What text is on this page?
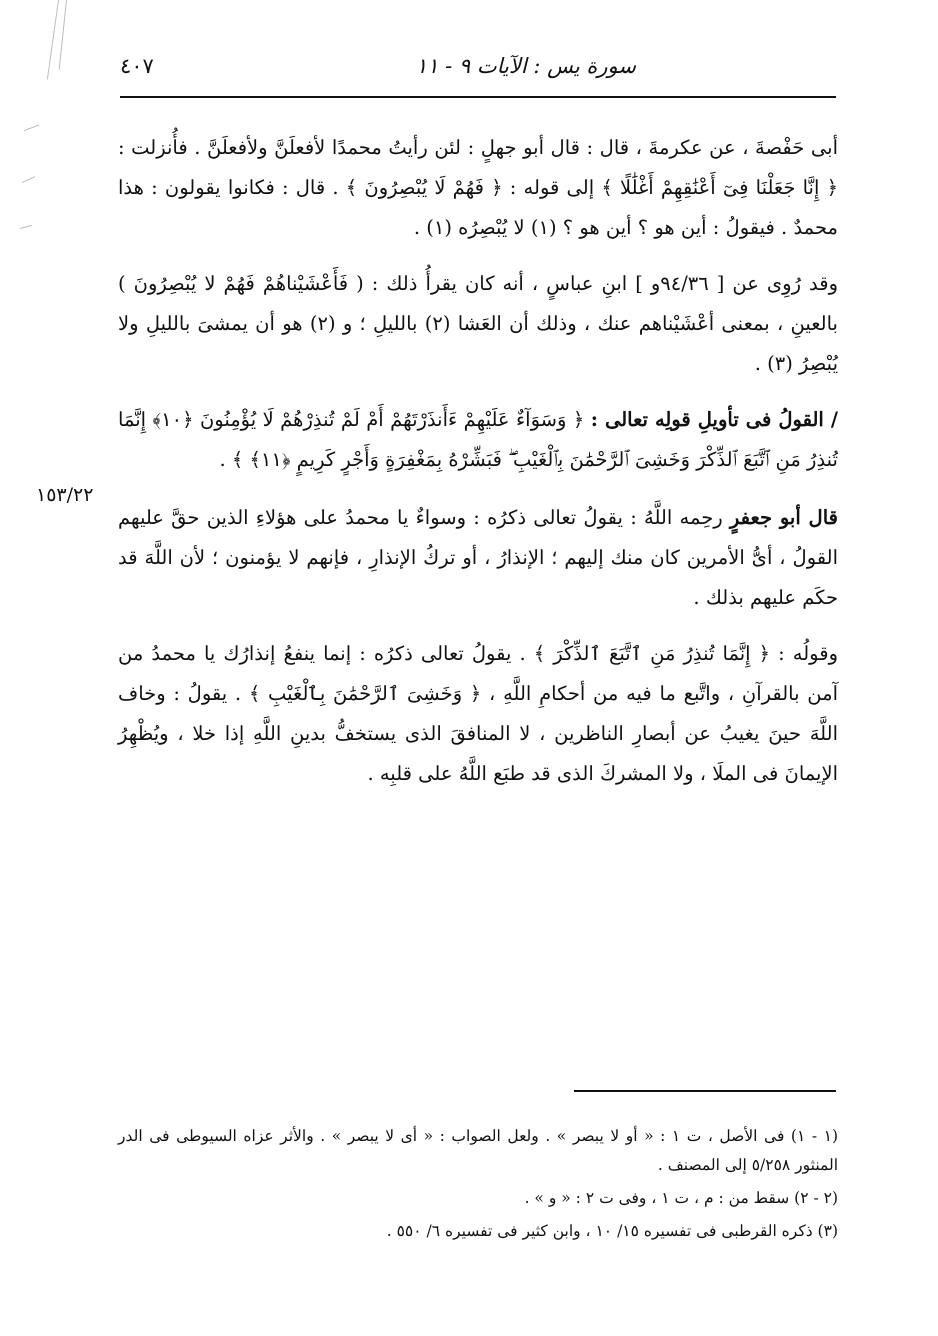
سورة يس : الآيات ٩ - ١١
٤٠٧
١٥٣/٢٢

أبى حَفْصةَ ، عن عكرمةَ ، قال : قال أبو جهلٍ : لئن رأيتُ محمدًا لأفعلَنَّ ولأفعلَنَّ . فأُنزلت : ﴿ إِنَّا جَعَلْنَا فِىٓ أَعْنَٰقِهِمْ أَغْلَٰلًا ﴾ إلى قوله : ﴿ فَهُمْ لَا يُبْصِرُونَ ﴾ . قال : فكانوا يقولون : هذا محمدٌ . فيقولُ : أين هو ؟ أين هو ؟ (١) لا يُبْصِرُه (١) .

وقد رُوِى عن [ ٩٤/٣٦و ] ابنِ عباسٍ ، أنه كان يقرأُ ذلك : ( فَأَعْشَيْناهُمْ فَهُمْ لا يُبْصِرُونَ ) بالعينِ ، بمعنى أعْشَيْناهم عنك ، وذلك أن العَشا (٢) بالليلِ ؛ و (٢) هو أن يمشىَ بالليلِ ولا يُبْصِرُ (٣) .

/ القولُ فى تأويلِ قولِه تعالى : ﴿ وَسَوَآءٌ عَلَيْهِمْ ءَأَنذَرْتَهُمْ أَمْ لَمْ تُنذِرْهُمْ لَا يُؤْمِنُونَ ﴿١٠﴾ إِنَّمَا تُنذِرُ مَنِ ٱتَّبَعَ ٱلذِّكْرَ وَخَشِىَ ٱلرَّحْمَٰنَ بِٱلْغَيْبِ ۖ فَبَشِّرْهُ بِمَغْفِرَةٍ وَأَجْرٍ كَرِيمٍ ﴿١١﴾ ﴾ .

قال أبو جعفرٍ رحِمه اللَّهُ : يقولُ تعالى ذكرُه : وسواءٌ يا محمدُ على هؤلاءِ الذين حقَّ عليهم القولُ ، أىُّ الأمرين كان منك إليهم ؛ الإنذارُ ، أو تركُ الإنذارِ ، فإنهم لا يؤمنون ؛ لأن اللَّهَ قد حكَم عليهم بذلك .

وقولُه : ﴿ إِنَّمَا تُنذِرُ مَنِ ٱتَّبَعَ ٱلذِّكْرَ ﴾ . يقولُ تعالى ذكرُه : إنما ينفعُ إنذارُك يا محمدُ من آمن بالقرآنِ ، واتَّبع ما فيه من أحكامِ اللَّهِ ، ﴿ وَخَشِىَ ٱلرَّحْمَٰنَ بِٱلْغَيْبِ ﴾ . يقولُ : وخاف اللَّهَ حينَ يغيبُ عن أبصارِ الناظرين ، لا المنافقَ الذى يستخفُّ بدينِ اللَّهِ إذا خلا ، ويُظْهِرُ الإيمانَ فى الملَا ، ولا المشركَ الذى قد طبَع اللَّهُ على قلبِه .

(١ - ١) فى الأصل ، ت ١ : « أو لا يبصر » . ولعل الصواب : « أى لا يبصر » . والأثر عزاه السيوطى فى الدر المنثور ٥/٢٥٨ إلى المصنف .

(٢ - ٢) سقط من : م ، ت ١ ، وفى ت ٢ : « و » .

(٣) ذكره القرطبى فى تفسيره ١٥/ ١٠ ، وابن كثير فى تفسيره ٦/ ٥٥٠ .
